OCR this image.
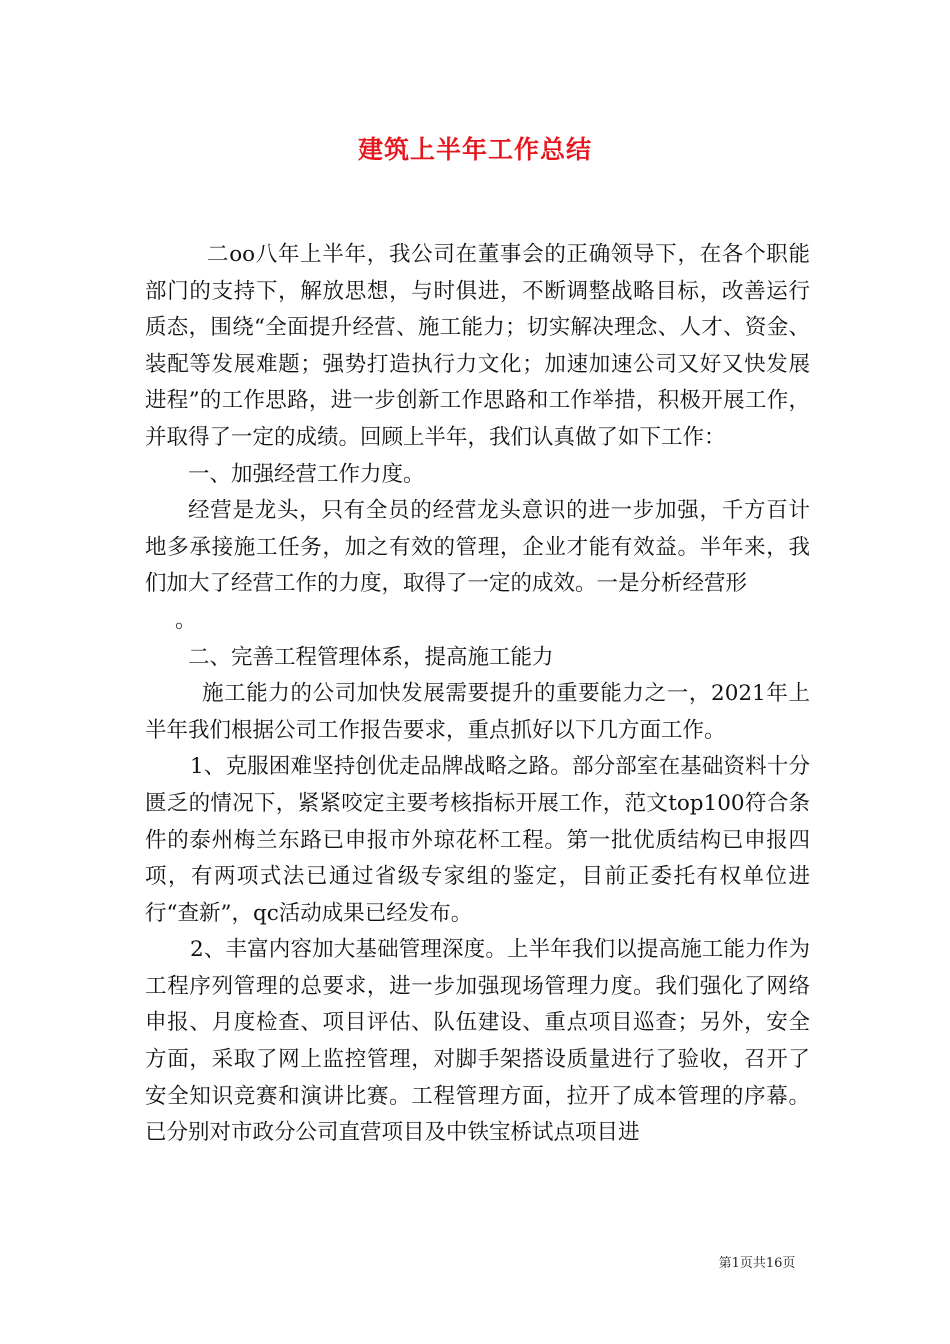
建筑上半年工作总结

二oo八年上半年，我公司在董事会的正确领导下，在各个职能部门的支持下，解放思想，与时俱进，不断调整战略目标，改善运行质态，围绕“全面提升经营、施工能力；切实解决理念、人才、资金、装配等发展难题；强势打造执行力文化；加速加速公司又好又快发展进程”的工作思路，进一步创新工作思路和工作举措，积极开展工作，并取得了一定的成绩。回顾上半年，我们认真做了如下工作：

一、加强经营工作力度。

经营是龙头，只有全员的经营龙头意识的进一步加强，千方百计地多承接施工任务，加之有效的管理，企业才能有效益。半年来，我们加大了经营工作的力度，取得了一定的成效。一是分析经营形

。

二、完善工程管理体系，提高施工能力

施工能力的公司加快发展需要提升的重要能力之一，2021年上半年我们根据公司工作报告要求，重点抓好以下几方面工作。

1、克服困难坚持创优走品牌战略之路。部分部室在基础资料十分匮乏的情况下，紧紧咬定主要考核指标开展工作，范文top100符合条件的泰州梅兰东路已申报市外琼花杯工程。第一批优质结构已申报四项，有两项式法已通过省级专家组的鉴定，目前正委托有权单位进行“查新”，qc活动成果已经发布。

2、丰富内容加大基础管理深度。上半年我们以提高施工能力作为工程序列管理的总要求，进一步加强现场管理力度。我们强化了网络申报、月度检查、项目评估、队伍建设、重点项目巡查；另外，安全方面，采取了网上监控管理，对脚手架搭设质量进行了验收，召开了安全知识竞赛和演讲比赛。工程管理方面，拉开了成本管理的序幕。已分别对市政分公司直营项目及中铁宝桥试点项目进

第1页共16页
